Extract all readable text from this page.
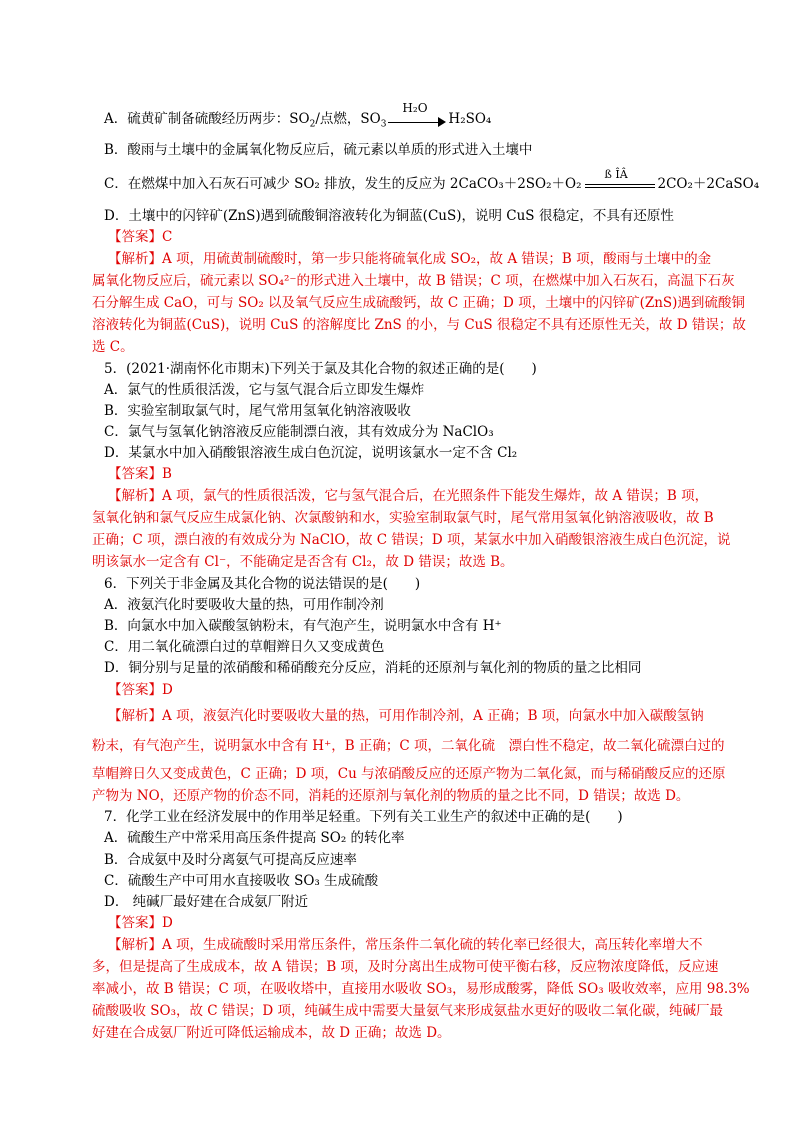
A．硫黄矿制备硫酸经历两步：$SO_2/$点燃，$SO_3$
H₂O
H₂SO₄
B．酸雨与土壤中的金属氧化物反应后，硫元素以单质的形式进入土壤中
C．在燃煤中加入石灰石可减少 SO₂ 排放，发生的反应为 2CaCO₃＋2SO₂＋O₂
ß ÎÂ
2CO₂＋2CaSO₄
D．土壤中的闪锌矿(ZnS)遇到硫酸铜溶液转化为铜蓝(CuS)，说明 CuS 很稳定，不具有还原性
【答案】C
【解析】A 项，用硫黄制硫酸时，第一步只能将硫氧化成 SO₂，故 A 错误；B 项，酸雨与土壤中的金
属氧化物反应后，硫元素以 SO₄²⁻的形式进入土壤中，故 B 错误；C 项，在燃煤中加入石灰石，高温下石灰
石分解生成 CaO，可与 SO₂ 以及氧气反应生成硫酸钙，故 C 正确；D 项，土壤中的闪锌矿(ZnS)遇到硫酸铜
溶液转化为铜蓝(CuS)，说明 CuS 的溶解度比 ZnS 的小，与 CuS 很稳定不具有还原性无关，故 D 错误；故
选 C。
5．(2021·湖南怀化市期末)下列关于氯及其化合物的叙述正确的是(　　)
A．氯气的性质很活泼，它与氢气混合后立即发生爆炸
B．实验室制取氯气时，尾气常用氢氧化钠溶液吸收
C．氯气与氢氧化钠溶液反应能制漂白液，其有效成分为 NaClO₃
D．某氯水中加入硝酸银溶液生成白色沉淀，说明该氯水一定不含 Cl₂
【答案】B
【解析】A 项，氯气的性质很活泼，它与氢气混合后，在光照条件下能发生爆炸，故 A 错误；B 项，
氢氧化钠和氯气反应生成氯化钠、次氯酸钠和水，实验室制取氯气时，尾气常用氢氧化钠溶液吸收，故 B
正确；C 项，漂白液的有效成分为 NaClO，故 C 错误；D 项，某氯水中加入硝酸银溶液生成白色沉淀，说
明该氯水一定含有 Cl⁻，不能确定是否含有 Cl₂，故 D 错误；故选 B。
6．下列关于非金属及其化合物的说法错误的是(　　)
A．液氨汽化时要吸收大量的热，可用作制冷剂
B．向氯水中加入碳酸氢钠粉末，有气泡产生，说明氯水中含有 H⁺
C．用二氧化硫漂白过的草帽辫日久又变成黄色
D．铜分别与足量的浓硝酸和稀硝酸充分反应，消耗的还原剂与氧化剂的物质的量之比相同
【答案】D
【解析】A 项，液氨汽化时要吸收大量的热，可用作制冷剂，A 正确；B 项，向氯水中加入碳酸氢钠
粉末，有气泡产生，说明氯水中含有 H⁺，B 正确；C 项，二氧化硫　漂白性不稳定，故二氧化硫漂白过的
草帽辫日久又变成黄色，C 正确；D 项，Cu 与浓硝酸反应的还原产物为二氧化氮，而与稀硝酸反应的还原
产物为 NO，还原产物的价态不同，消耗的还原剂与氧化剂的物质的量之比不同，D 错误；故选 D。
7．化学工业在经济发展中的作用举足轻重。下列有关工业生产的叙述中正确的是(　　)
A．硫酸生产中常采用高压条件提高 SO₂ 的转化率
B．合成氨中及时分离氨气可提高反应速率
C．硫酸生产中可用水直接吸收 SO₃ 生成硫酸
D． 纯碱厂最好建在合成氨厂附近
【答案】D
【解析】A 项，生成硫酸时采用常压条件，常压条件二氧化硫的转化率已经很大，高压转化率增大不
多，但是提高了生成成本，故 A 错误；B 项，及时分离出生成物可使平衡右移，反应物浓度降低，反应速
率减小，故 B 错误；C 项，在吸收塔中，直接用水吸收 SO₃，易形成酸雾，降低 SO₃ 吸收效率，应用 98.3%
硫酸吸收 SO₃，故 C 错误；D 项，纯碱生成中需要大量氨气来形成氨盐水更好的吸收二氧化碳，纯碱厂最
好建在合成氨厂附近可降低运输成本，故 D 正确；故选 D。
